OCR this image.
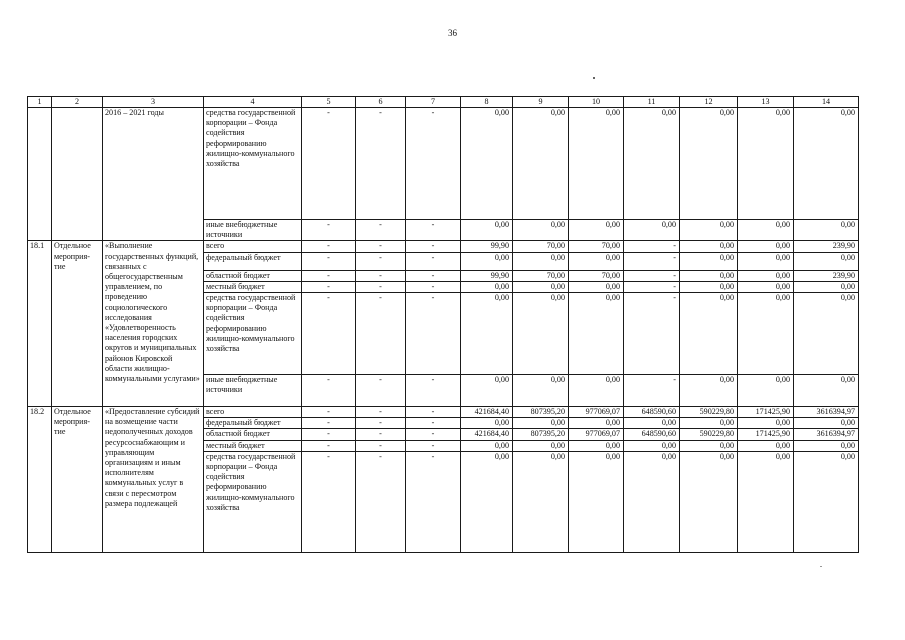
36
1	2	3	4	5	6	7	8	9	10	11	12	13	14
		2016 – 2021 годы	средства государственной корпорации – Фонда содействия реформированию жилищно-коммунального хозяйства	-	-	-	0,00	0,00	0,00	0,00	0,00	0,00	0,00
			иные внебюджетные источники	-	-	-	0,00	0,00	0,00	0,00	0,00	0,00	0,00
18.1	Отдельное мероприя-тие	«Выполнение государственных функций, связанных с общегосударственным управлением, по проведению социологического исследования «Удовлетворенность населения городских округов и муниципальных районов Кировской области жилищно-коммунальными услугами»	всего	-	-	-	99,90	70,00	70,00	-	0,00	0,00	239,90
			федеральный бюджет	-	-	-	0,00	0,00	0,00	-	0,00	0,00	0,00
			областной бюджет	-	-	-	99,90	70,00	70,00	-	0,00	0,00	239,90
			местный бюджет	-	-	-	0,00	0,00	0,00	-	0,00	0,00	0,00
			средства государственной корпорации – Фонда содействия реформированию жилищно-коммунального хозяйства	-	-	-	0,00	0,00	0,00	-	0,00	0,00	0,00
			иные внебюджетные источники	-	-	-	0,00	0,00	0,00	-	0,00	0,00	0,00
18.2	Отдельное мероприя-тие	«Предоставление субсидий на возмещение части недополученных доходов ресурсоснабжающим и управляющим организациям и иным исполнителям коммунальных услуг в связи с пересмотром размера подлежащей	всего	-	-	-	421684,40	807395,20	977069,07	648590,60	590229,80	171425,90	3616394,97
			федеральный бюджет	-	-	-	0,00	0,00	0,00	0,00	0,00	0,00	0,00
			областной бюджет	-	-	-	421684,40	807395,20	977069,07	648590,60	590229,80	171425,90	3616394,97
			местный бюджет	-	-	-	0,00	0,00	0,00	0,00	0,00	0,00	0,00
			средства государственной корпорации – Фонда содействия реформированию жилищно-коммунального хозяйства	-	-	-	0,00	0,00	0,00	0,00	0,00	0,00	0,00
